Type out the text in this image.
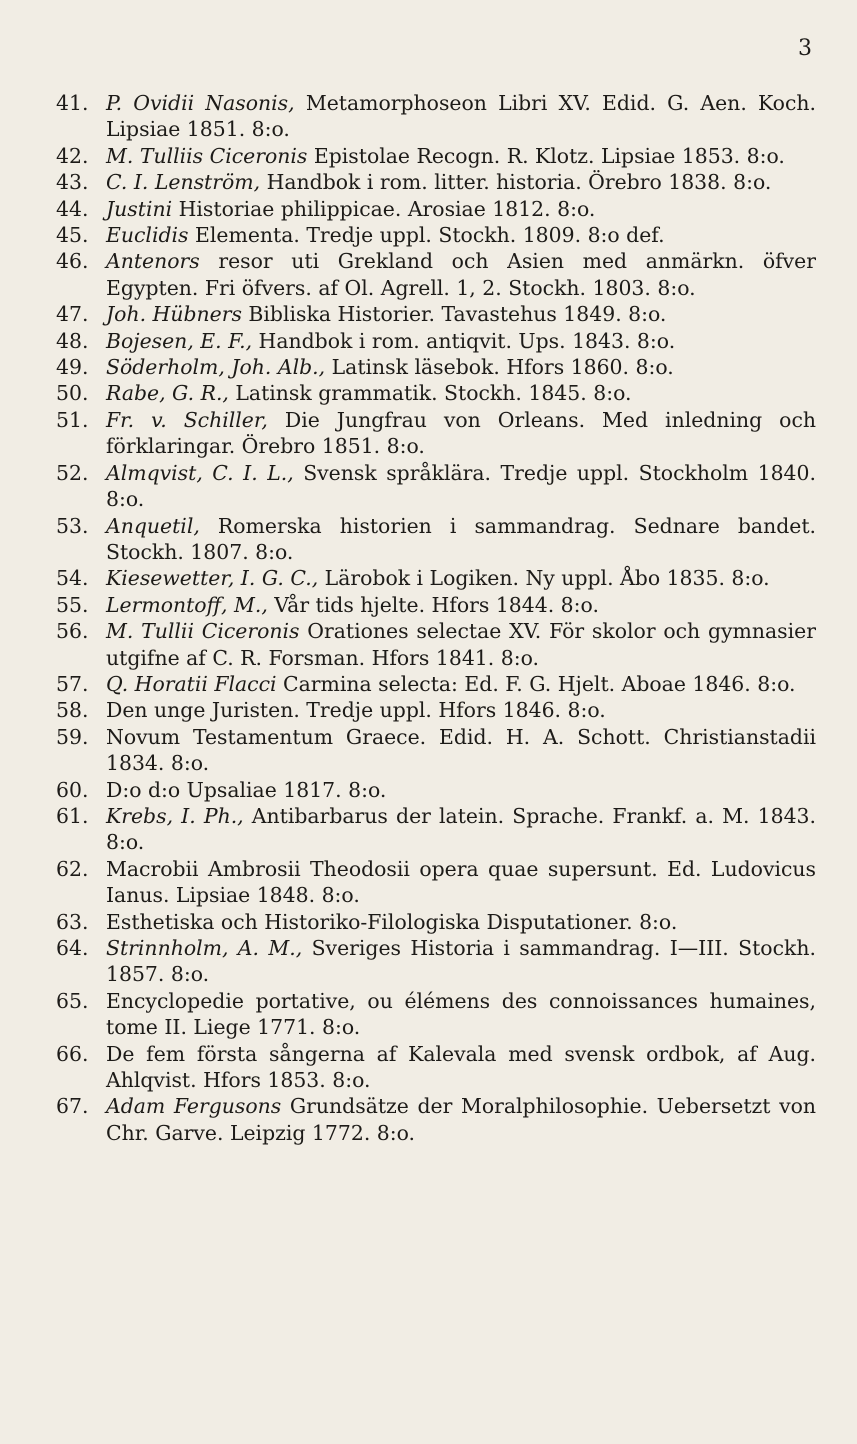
3
41. P. Ovidii Nasonis, Metamorphoseon Libri XV. Edid. G. Aen. Koch. Lipsiae 1851. 8:o.
42. M. Tulliis Ciceronis Epistolae Recogn. R. Klotz. Lipsiae 1853. 8:o.
43. C. I. Lenström, Handbok i rom. litter. historia. Örebro 1838. 8:o.
44. Justini Historiae philippicae. Arosiae 1812. 8:o.
45. Euclidis Elementa. Tredje uppl. Stockh. 1809. 8:o def.
46. Antenors resor uti Grekland och Asien med anmärkn. öfver Egypten. Fri öfvers. af Ol. Agrell. 1, 2. Stockh. 1803. 8:o.
47. Joh. Hübners Bibliska Historier. Tavastehus 1849. 8:o.
48. Bojesen, E. F., Handbok i rom. antiqvit. Ups. 1843. 8:o.
49. Söderholm, Joh. Alb., Latinsk läsebok. Hfors 1860. 8:o.
50. Rabe, G. R., Latinsk grammatik. Stockh. 1845. 8:o.
51. Fr. v. Schiller, Die Jungfrau von Orleans. Med inledning och förklaringar. Örebro 1851. 8:o.
52. Almqvist, C. I. L., Svensk språklära. Tredje uppl. Stockholm 1840. 8:o.
53. Anquetil, Romerska historien i sammandrag. Sednare bandet. Stockh. 1807. 8:o.
54. Kiesewetter, I. G. C., Lärobok i Logiken. Ny uppl. Åbo 1835. 8:o.
55. Lermontoff, M., Vår tids hjelte. Hfors 1844. 8:o.
56. M. Tullii Ciceronis Orationes selectae XV. För skolor och gymnasier utgifne af C. R. Forsman. Hfors 1841. 8:o.
57. Q. Horatii Flacci Carmina selecta: Ed. F. G. Hjelt. Aboae 1846. 8:o.
58. Den unge Juristen. Tredje uppl. Hfors 1846. 8:o.
59. Novum Testamentum Graece. Edid. H. A. Schott. Christianstadii 1834. 8:o.
60. D:o d:o Upsaliae 1817. 8:o.
61. Krebs, I. Ph., Antibarbarus der latein. Sprache. Frankf. a. M. 1843. 8:o.
62. Macrobii Ambrosii Theodosii opera quae supersunt. Ed. Ludovicus Ianus. Lipsiae 1848. 8:o.
63. Esthetiska och Historiko-Filologiska Disputationer. 8:o.
64. Strinnholm, A. M., Sveriges Historia i sammandrag. I—III. Stockh. 1857. 8:o.
65. Encyclopedie portative, ou élémens des connoissances humaines, tome II. Liege 1771. 8:o.
66. De fem första sångerna af Kalevala med svensk ordbok, af Aug. Ahlqvist. Hfors 1853. 8:o.
67. Adam Fergusons Grundsätze der Moralphilosophie. Uebersetzt von Chr. Garve. Leipzig 1772. 8:o.
